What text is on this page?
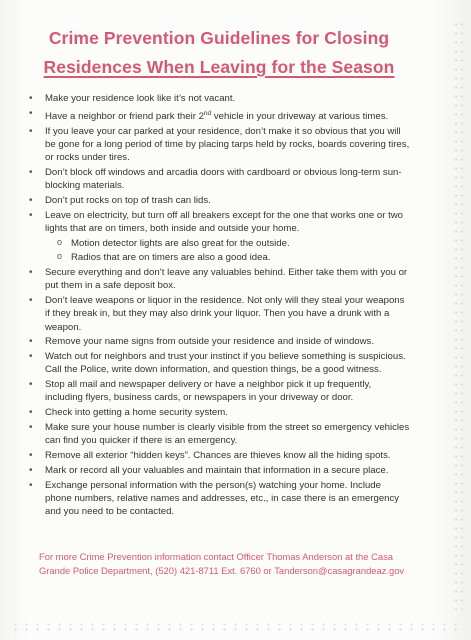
Crime Prevention Guidelines for Closing
Residences When Leaving for the Season
• Make your residence look like it’s not vacant.
• Have a neighbor or friend park their 2nd vehicle in your driveway at various times.
• If you leave your car parked at your residence, don’t make it so obvious that you will be gone for a long period of time by placing tarps held by rocks, boards covering tires, or rocks under tires.
• Don’t block off windows and arcadia doors with cardboard or obvious long-term sun-blocking materials.
• Don’t put rocks on top of trash can lids.
• Leave on electricity, but turn off all breakers except for the one that works one or two lights that are on timers, both inside and outside your home.
o Motion detector lights are also great for the outside.
o Radios that are on timers are also a good idea.
• Secure everything and don’t leave any valuables behind. Either take them with you or put them in a safe deposit box.
• Don’t leave weapons or liquor in the residence. Not only will they steal your weapons if they break in, but they may also drink your liquor. Then you have a drunk with a weapon.
• Remove your name signs from outside your residence and inside of windows.
• Watch out for neighbors and trust your instinct if you believe something is suspicious. Call the Police, write down information, and question things, be a good witness.
• Stop all mail and newspaper delivery or have a neighbor pick it up frequently, including flyers, business cards, or newspapers in your driveway or door.
• Check into getting a home security system.
• Make sure your house number is clearly visible from the street so emergency vehicles can find you quicker if there is an emergency.
• Remove all exterior “hidden keys”. Chances are thieves know all the hiding spots.
• Mark or record all your valuables and maintain that information in a secure place.
• Exchange personal information with the person(s) watching your home. Include phone numbers, relative names and addresses, etc., in case there is an emergency and you need to be contacted.
For more Crime Prevention information contact Officer Thomas Anderson at the Casa Grande Police Department, (520) 421-8711 Ext. 6760 or Tanderson@casagrandeaz.gov
